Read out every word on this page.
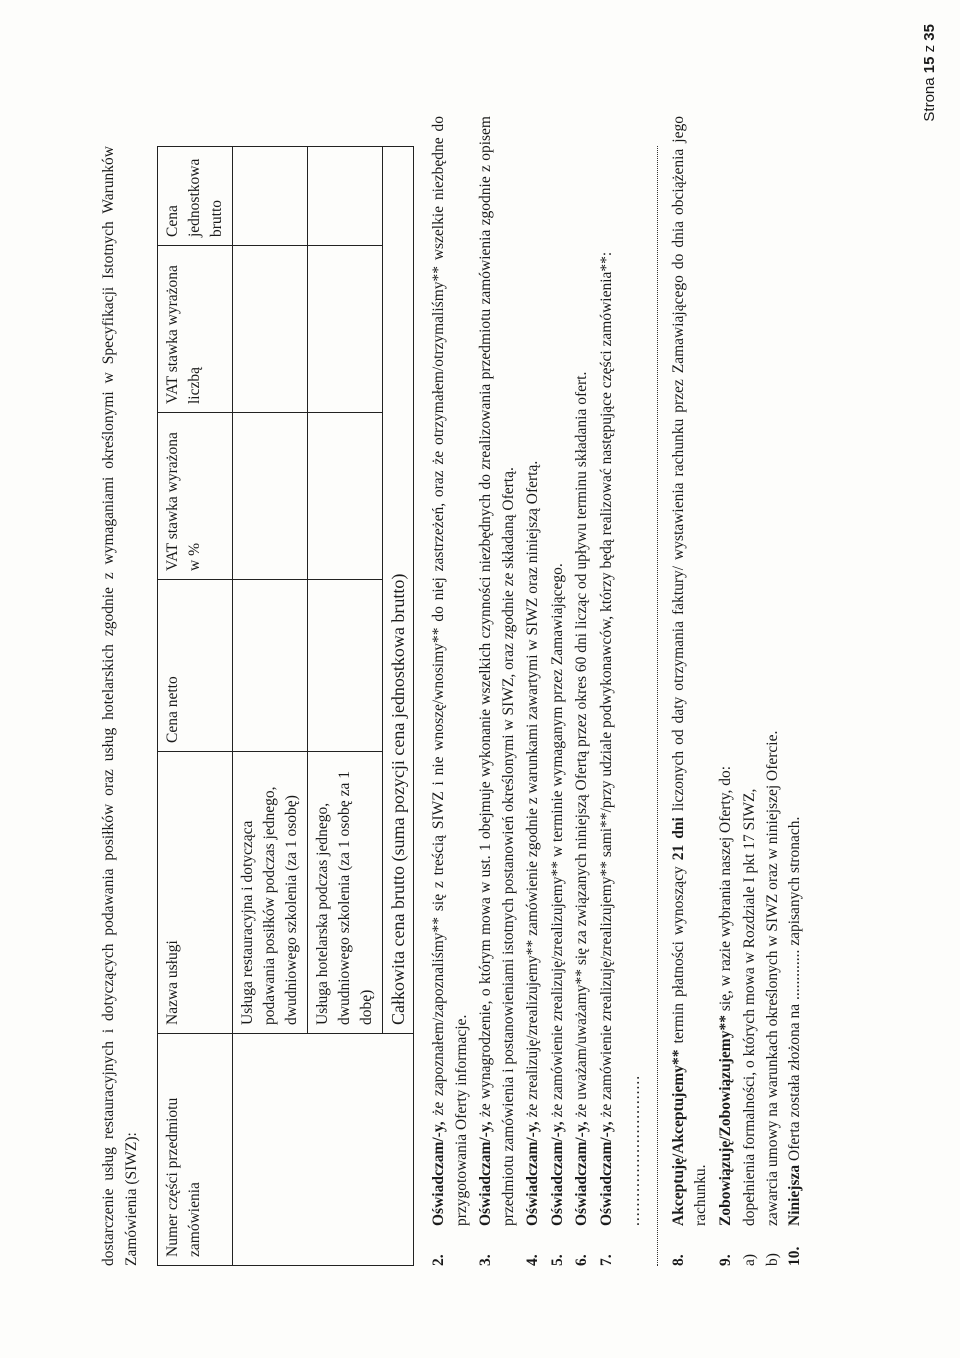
dostarczenie usług restauracyjnych i dotyczących podawania posiłków oraz usług hotelarskich zgodnie z wymaganiami określonymi w Specyfikacji Istotnych Warunków Zamówienia (SIWZ): Numer części przedmiotu zamówienia	Nazwa usługi	Cena netto	VAT stawka wyrażona w %	VAT stawka wyrażona liczbą	Cena jednostkowa brutto
	Usługa restauracyjna i dotycząca podawania posiłków podczas jednego, dwudniowego szkolenia (za 1 osobę)				
	Usługa hotelarska podczas jednego, dwudniowego szkolenia (za 1 osobę za 1 dobę)				
	Całkowita cena brutto (suma pozycji cena jednostkowa brutto)				
2.
Oświadczam/-y, że zapoznałem/zapoznaliśmy** się z treścią SIWZ i nie wnoszę/wnosimy** do niej zastrzeżeń, oraz że otrzymałem/otrzymaliśmy** wszelkie niezbędne do przygotowania Oferty informacje.
3.
Oświadczam/-y, że wynagrodzenie, o którym mowa w ust. 1 obejmuje wykonanie wszelkich czynności niezbędnych do zrealizowania przedmiotu zamówienia zgodnie z opisem przedmiotu zamówienia i postanowieniami istotnych postanowień określonymi w SIWZ, oraz zgodnie ze składaną Ofertą.
4.
Oświadczam/-y, że zrealizuję/zrealizujemy** zamówienie zgodnie z warunkami zawartymi w SIWZ oraz niniejszą Ofertą.
5.
Oświadczam/-y, że zamówienie zrealizuję/zrealizujemy** w terminie wymaganym przez Zamawiającego.
6.
Oświadczam/-y, że uważam/uważamy** się za związanych niniejszą Ofertą przez okres 60 dni licząc od upływu terminu składania ofert.
7.
Oświadczam/-y, że zamówienie zrealizuję/zrealizujemy** sami**/przy udziale podwykonawców, którzy będą realizować następujące części zamówienia**:
...............................
8.
Akceptuję/Akceptujemy** termin płatności wynoszący 21 dni liczonych od daty otrzymania faktury/ wystawienia rachunku przez Zamawiającego do dnia obciążenia jego rachunku.
9.
Zobowiązuję/Zobowiązujemy** się, w razie wybrania naszej Oferty, do:
a)
dopełnienia formalności, o których mowa w Rozdziale I pkt 17 SIWZ,
b)
zawarcia umowy na warunkach określonych w SIWZ oraz w niniejszej Ofercie.
10.
Niniejsza Oferta została złożona na ............. zapisanych stronach.
Strona 15 z 35
